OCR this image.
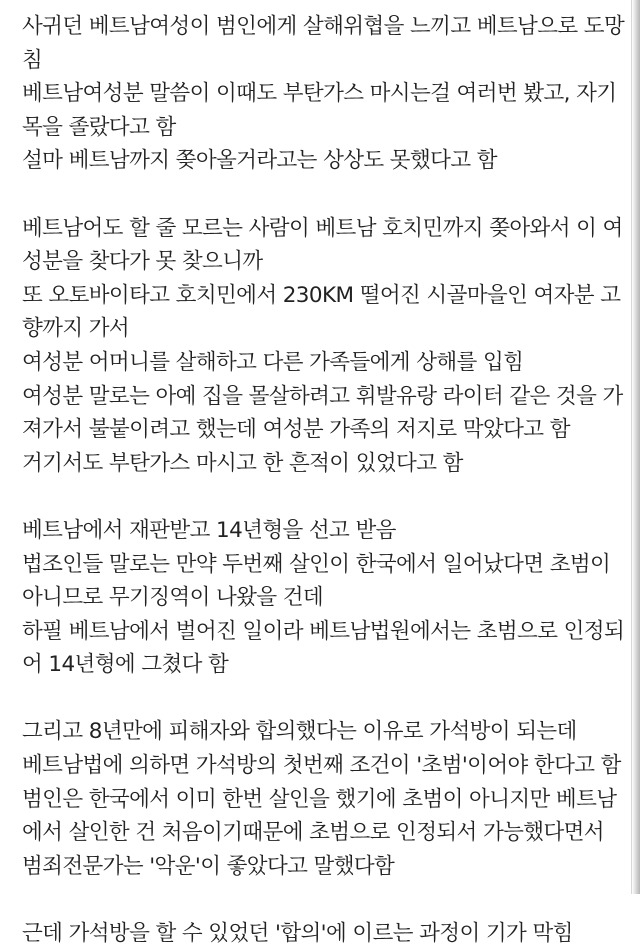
사귀던 베트남여성이 범인에게 살해위협을 느끼고 베트남으로 도망
침
베트남여성분 말씀이 이때도 부탄가스 마시는걸 여러번 봤고, 자기
목을 졸랐다고 함
설마 베트남까지 쫒아올거라고는 상상도 못했다고 함
베트남어도 할 줄 모르는 사람이 베트남 호치민까지 쫒아와서 이 여
성분을 찾다가 못 찾으니까
또 오토바이타고 호치민에서 230KM 떨어진 시골마을인 여자분 고
향까지 가서
여성분 어머니를 살해하고 다른 가족들에게 상해를 입힘
여성분 말로는 아예 집을 몰살하려고 휘발유랑 라이터 같은 것을 가
져가서 불붙이려고 했는데 여성분 가족의 저지로 막았다고 함
거기서도 부탄가스 마시고 한 흔적이 있었다고 함
베트남에서 재판받고 14년형을 선고 받음
법조인들 말로는 만약 두번째 살인이 한국에서 일어났다면 초범이
아니므로 무기징역이 나왔을 건데
하필 베트남에서 벌어진 일이라 베트남법원에서는 초범으로 인정되
어 14년형에 그쳤다 함
그리고 8년만에 피해자와 합의했다는 이유로 가석방이 되는데
베트남법에 의하면 가석방의 첫번째 조건이 '초범'이어야 한다고 함
범인은 한국에서 이미 한번 살인을 했기에 초범이 아니지만 베트남
에서 살인한 건 처음이기때문에 초범으로 인정되서 가능했다면서
범죄전문가는 '악운'이 좋았다고 말했다함
근데 가석방을 할 수 있었던 '합의'에 이르는 과정이 기가 막힘
